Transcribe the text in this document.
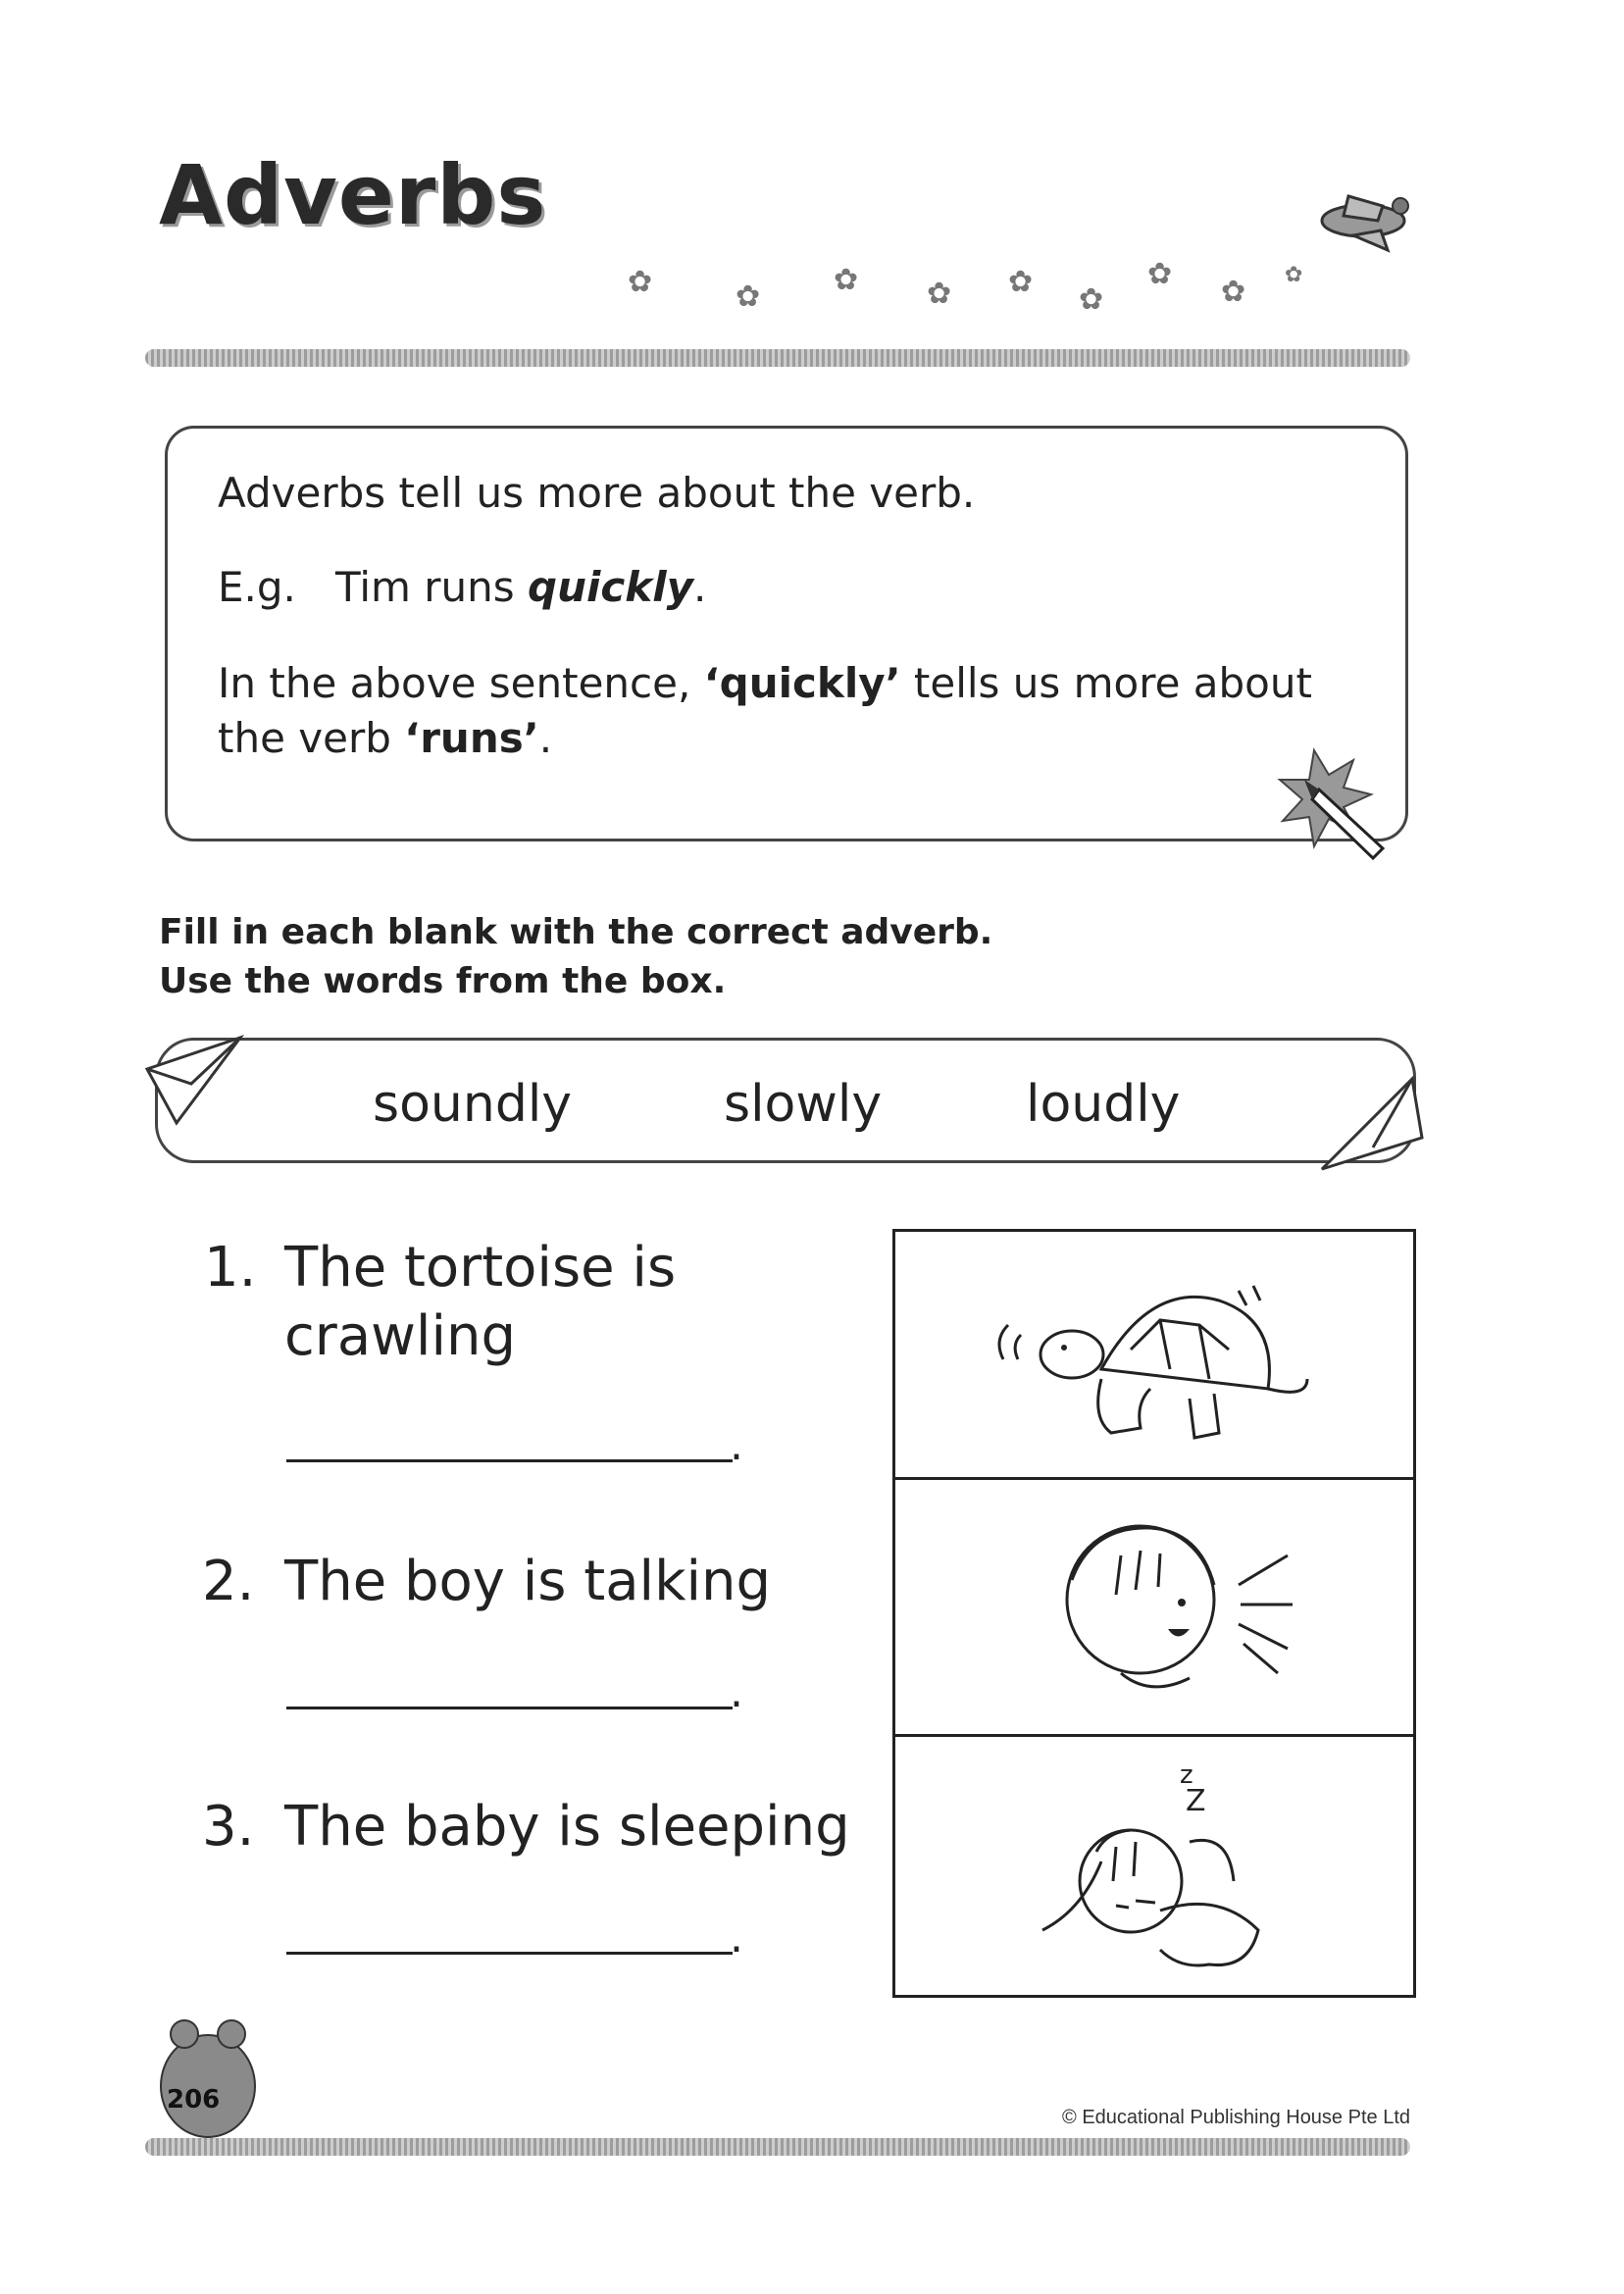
Adverbs
✿	✿ ✿ ✿ ✿
✿
✿
✿ ✿
Adverbs tell us more about the verb.
E.g. Tim runs quickly.
In the above sentence, ‘quickly’ tells us more about
the verb ‘runs’.
Fill in each blank with the correct adverb.
Use the words from the box.
soundly	slowly	loudly
1. The tortoise is
crawling
.
2. The boy is talking
.
3. The baby is sleeping
.
z
Z
206
© Educational Publishing House Pte Ltd
